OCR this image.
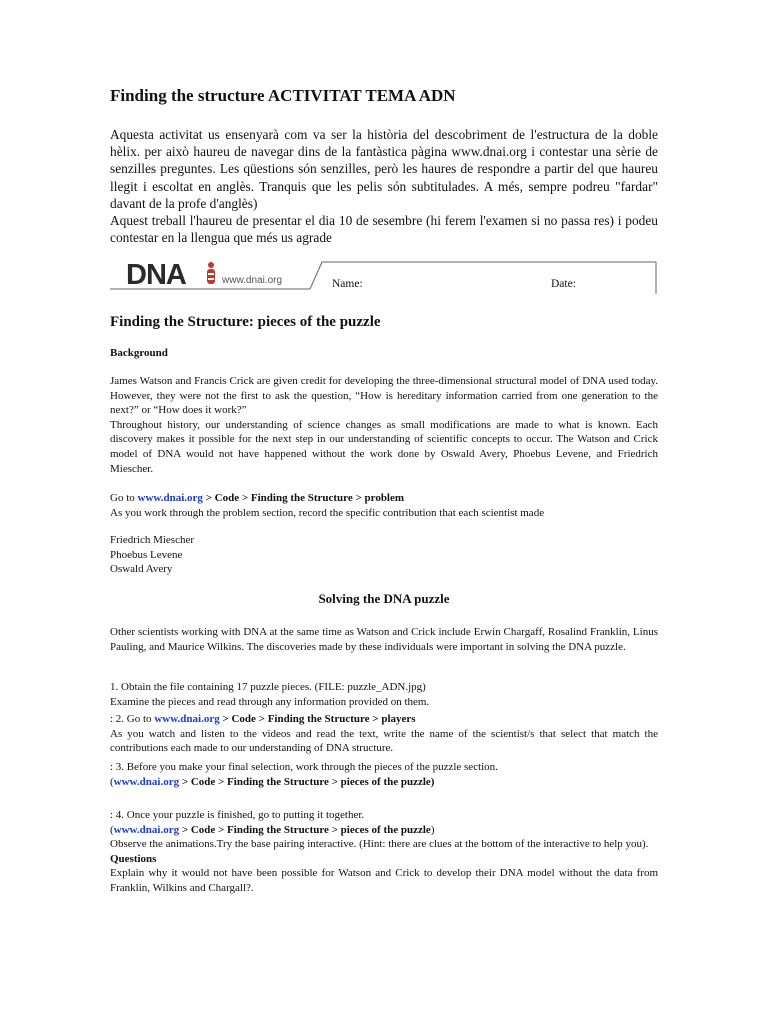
Finding the structure ACTIVITAT TEMA ADN

Aquesta activitat us ensenyarà com va ser la història del descobriment de l'estructura de la doble hèlix. per això haureu de navegar dins de la fantàstica pàgina www.dnai.org i contestar una sèrie de senzilles preguntes. Les qüestions són senzilles, però les haures de respondre a partir del que haureu llegit i escoltat en anglès. Tranquis que les pelis són subtitulades. A més, sempre podreu "fardar" davant de la profe d'anglès)

Aquest treball l'haureu de presentar el dia 10 de sesembre (hi ferem l'examen si no passa res) i podeu contestar en la llengua que més us agrade

DNA	www.dnai.org	Name:	Date:
Finding the Structure: pieces of the puzzle

Background

James Watson and Francis Crick are given credit for developing the three-dimensional structural model of DNA used today. However, they were not the first to ask the question, “How is hereditary information carried from one generation to the next?” or “How does it work?”

Throughout history, our understanding of science changes as small modifications are made to what is known. Each discovery makes it possible for the next step in our understanding of scientific concepts to occur. The Watson and Crick model of DNA would not have happened without the work done by Oswald Avery, Phoebus Levene, and Friedrich Miescher.

Go to www.dnai.org > Code > Finding the Structure > problem

As you work through the problem section, record the specific contribution that each scientist made

Friedrich Miescher

Phoebus Levene

Oswald Avery

Solving the DNA puzzle

Other scientists working with DNA at the same time as Watson and Crick include Erwin Chargaff, Rosalind Franklin, Linus Pauling, and Maurice Wilkins. The discoveries made by these individuals were important in solving the DNA puzzle.

1. Obtain the file containing 17 puzzle pieces. (FILE: puzzle_ADN.jpg)

Examine the pieces and read through any information provided on them.

: 2. Go to www.dnai.org > Code > Finding the Structure > players

As you watch and listen to the videos and read the text, write the name of the scientist/s that select that match the contributions each made to our understanding of DNA structure.

: 3. Before you make your final selection, work through the pieces of the puzzle section.

(www.dnai.org > Code > Finding the Structure > pieces of the puzzle)

: 4. Once your puzzle is finished, go to putting it together.

(www.dnai.org > Code > Finding the Structure > pieces of the puzzle)

Observe the animations.Try the base pairing interactive. (Hint: there are clues at the bottom of the interactive to help you).

Questions

Explain why it would not have been possible for Watson and Crick to develop their DNA model without the data from Franklin, Wilkins and Chargall?.
